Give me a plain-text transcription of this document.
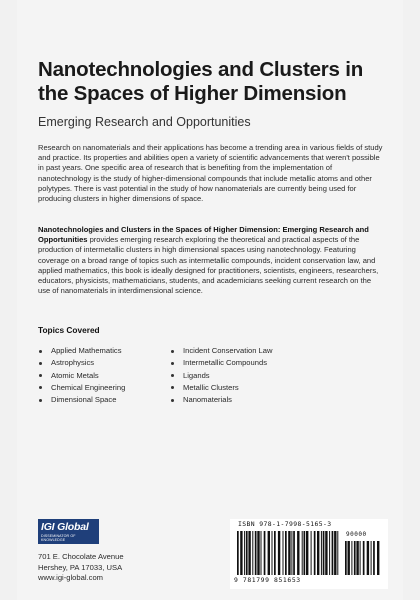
Nanotechnologies and Clusters in the Spaces of Higher Dimension
Emerging Research and Opportunities

Research on nanomaterials and their applications has become a trending area in various fields of study and practice. Its properties and abilities open a variety of scientific advancements that weren't possible in past years. One specific area of research that is benefiting from the implementation of nanotechnology is the study of higher-dimensional compounds that include metallic atoms and other polytypes. There is vast potential in the study of how nanomaterials are currently being used for producing clusters in higher dimensions of space.

Nanotechnologies and Clusters in the Spaces of Higher Dimension: Emerging Research and Opportunities provides emerging research exploring the theoretical and practical aspects of the production of intermetallic clusters in high dimensional spaces using nanotechnology. Featuring coverage on a broad range of topics such as intermetallic compounds, incident conservation law, and applied mathematics, this book is ideally designed for practitioners, scientists, engineers, researchers, educators, physicists, mathematicians, students, and academicians seeking current research on the use of nanomaterials in interdimensional science.

Topics Covered
Applied Mathematics
Astrophysics
Atomic Metals
Chemical Engineering
Dimensional Space
Incident Conservation Law
Intermetallic Compounds
Ligands
Metallic Clusters
Nanomaterials
IGI Global
DISSEMINATOR OF KNOWLEDGE
701 E. Chocolate Avenue
Hershey, PA 17033, USA
www.igi-global.com
ISBN 978-1-7998-5165-3
90000
9 781799 851653
